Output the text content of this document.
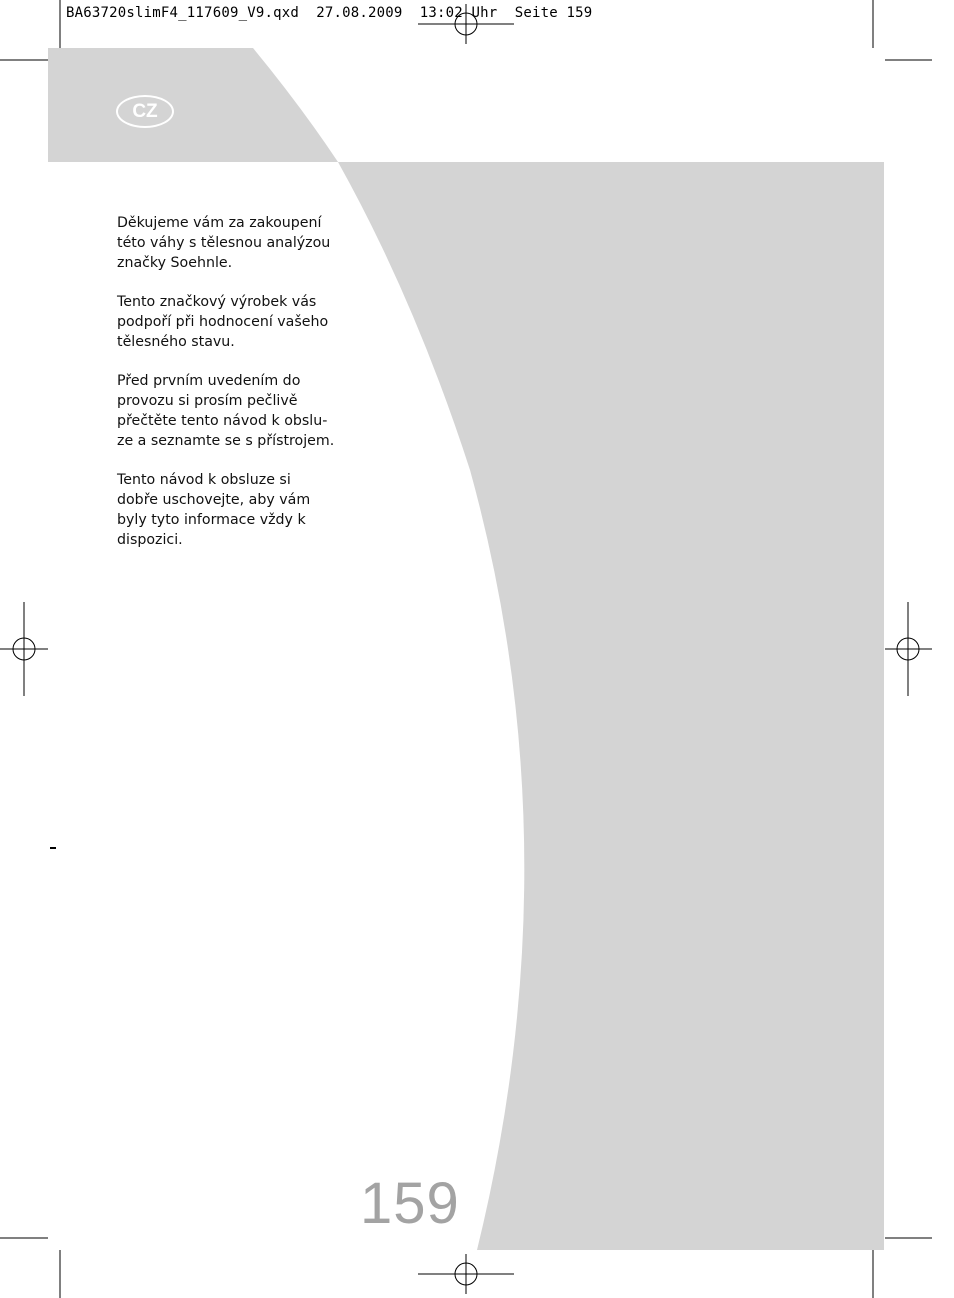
BA63720slimF4_117609_V9.qxd  27.08.2009  13:02 Uhr  Seite 159
CZ

Děkujeme vám za zakoupení
této váhy s tělesnou analýzou
značky Soehnle.

Tento značkový výrobek vás
podpoří při hodnocení vašeho
tělesného stavu.

Před prvním uvedením do
provozu si prosím pečlivě
přečtěte tento návod k obslu-
ze a seznamte se s přístrojem.

Tento návod k obsluze si
dobře uschovejte, aby vám
byly tyto informace vždy k
dispozici.

159
